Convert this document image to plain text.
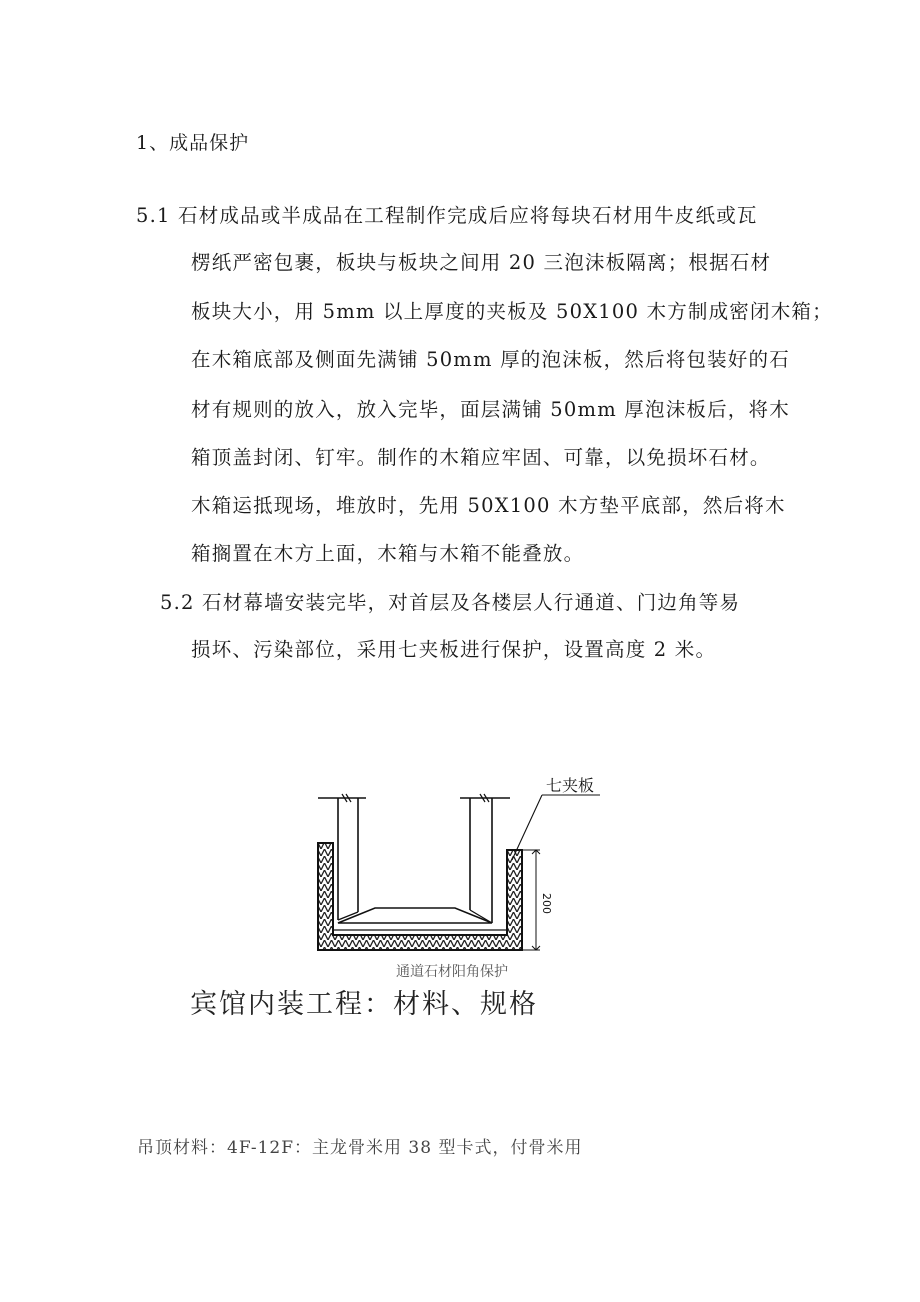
1、成品保护
5.1 石材成品或半成品在工程制作完成后应将每块石材用牛皮纸或瓦
楞纸严密包裹，板块与板块之间用 20 三泡沫板隔离；根据石材
板块大小，用 5mm 以上厚度的夹板及 50X100 木方制成密闭木箱；
在木箱底部及侧面先满铺 50mm 厚的泡沫板，然后将包装好的石
材有规则的放入，放入完毕，面层满铺 50mm 厚泡沫板后，将木
箱顶盖封闭、钉牢。制作的木箱应牢固、可靠，以免损坏石材。
木箱运抵现场，堆放时，先用 50X100 木方垫平底部，然后将木
箱搁置在木方上面，木箱与木箱不能叠放。
5.2 石材幕墙安装完毕，对首层及各楼层人行通道、门边角等易
损坏、污染部位，采用七夹板进行保护，设置高度 2 米。
七夹板
200
通道石材阳角保护
宾馆内装工程：材料、规格
吊顶材料：4F-12F：主龙骨米用 38 型卡式，付骨米用
